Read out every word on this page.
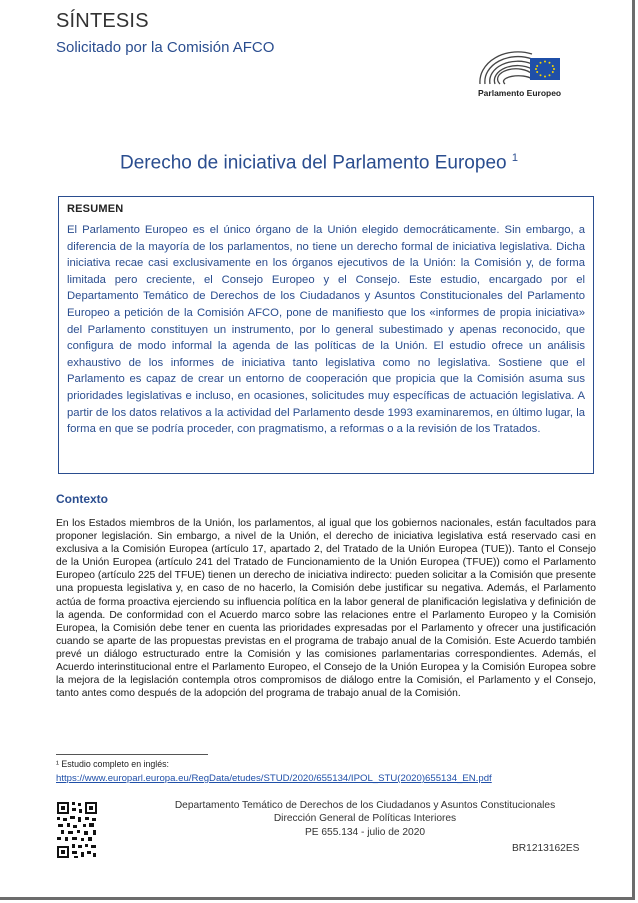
SÍNTESIS
Solicitado por la Comisión AFCO
Parlamento Europeo
Derecho de iniciativa del Parlamento Europeo $^1$
RESUMEN

El Parlamento Europeo es el único órgano de la Unión elegido democráticamente. Sin embargo, a diferencia de la mayoría de los parlamentos, no tiene un derecho formal de iniciativa legislativa. Dicha iniciativa recae casi exclusivamente en los órganos ejecutivos de la Unión: la Comisión y, de forma limitada pero creciente, el Consejo Europeo y el Consejo. Este estudio, encargado por el Departamento Temático de Derechos de los Ciudadanos y Asuntos Constitucionales del Parlamento Europeo a petición de la Comisión AFCO, pone de manifiesto que los «informes de propia iniciativa» del Parlamento constituyen un instrumento, por lo general subestimado y apenas reconocido, que configura de modo informal la agenda de las políticas de la Unión. El estudio ofrece un análisis exhaustivo de los informes de iniciativa tanto legislativa como no legislativa. Sostiene que el Parlamento es capaz de crear un entorno de cooperación que propicia que la Comisión asuma sus prioridades legislativas e incluso, en ocasiones, solicitudes muy específicas de actuación legislativa. A partir de los datos relativos a la actividad del Parlamento desde 1993 examinaremos, en último lugar, la forma en que se podría proceder, con pragmatismo, a reformas o a la revisión de los Tratados.

Contexto

En los Estados miembros de la Unión, los parlamentos, al igual que los gobiernos nacionales, están facultados para proponer legislación. Sin embargo, a nivel de la Unión, el derecho de iniciativa legislativa está reservado casi en exclusiva a la Comisión Europea (artículo 17, apartado 2, del Tratado de la Unión Europea (TUE)). Tanto el Consejo de la Unión Europea (artículo 241 del Tratado de Funcionamiento de la Unión Europea (TFUE)) como el Parlamento Europeo (artículo 225 del TFUE) tienen un derecho de iniciativa indirecto: pueden solicitar a la Comisión que presente una propuesta legislativa y, en caso de no hacerlo, la Comisión debe justificar su negativa. Además, el Parlamento actúa de forma proactiva ejerciendo su influencia política en la labor general de planificación legislativa y definición de la agenda. De conformidad con el Acuerdo marco sobre las relaciones entre el Parlamento Europeo y la Comisión Europea, la Comisión debe tener en cuenta las prioridades expresadas por el Parlamento y ofrecer una justificación cuando se aparte de las propuestas previstas en el programa de trabajo anual de la Comisión. Este Acuerdo también prevé un diálogo estructurado entre la Comisión y las comisiones parlamentarias correspondientes. Además, el Acuerdo interinstitucional entre el Parlamento Europeo, el Consejo de la Unión Europea y la Comisión Europea sobre la mejora de la legislación contempla otros compromisos de diálogo entre la Comisión, el Parlamento y el Consejo, tanto antes como después de la adopción del programa de trabajo anual de la Comisión.

¹ Estudio completo en inglés:
https://www.europarl.europa.eu/RegData/etudes/STUD/2020/655134/IPOL_STU(2020)655134_EN.pdf
Departamento Temático de Derechos de los Ciudadanos y Asuntos Constitucionales
Dirección General de Políticas Interiores
PE 655.134 - julio de 2020
BR1213162ES
